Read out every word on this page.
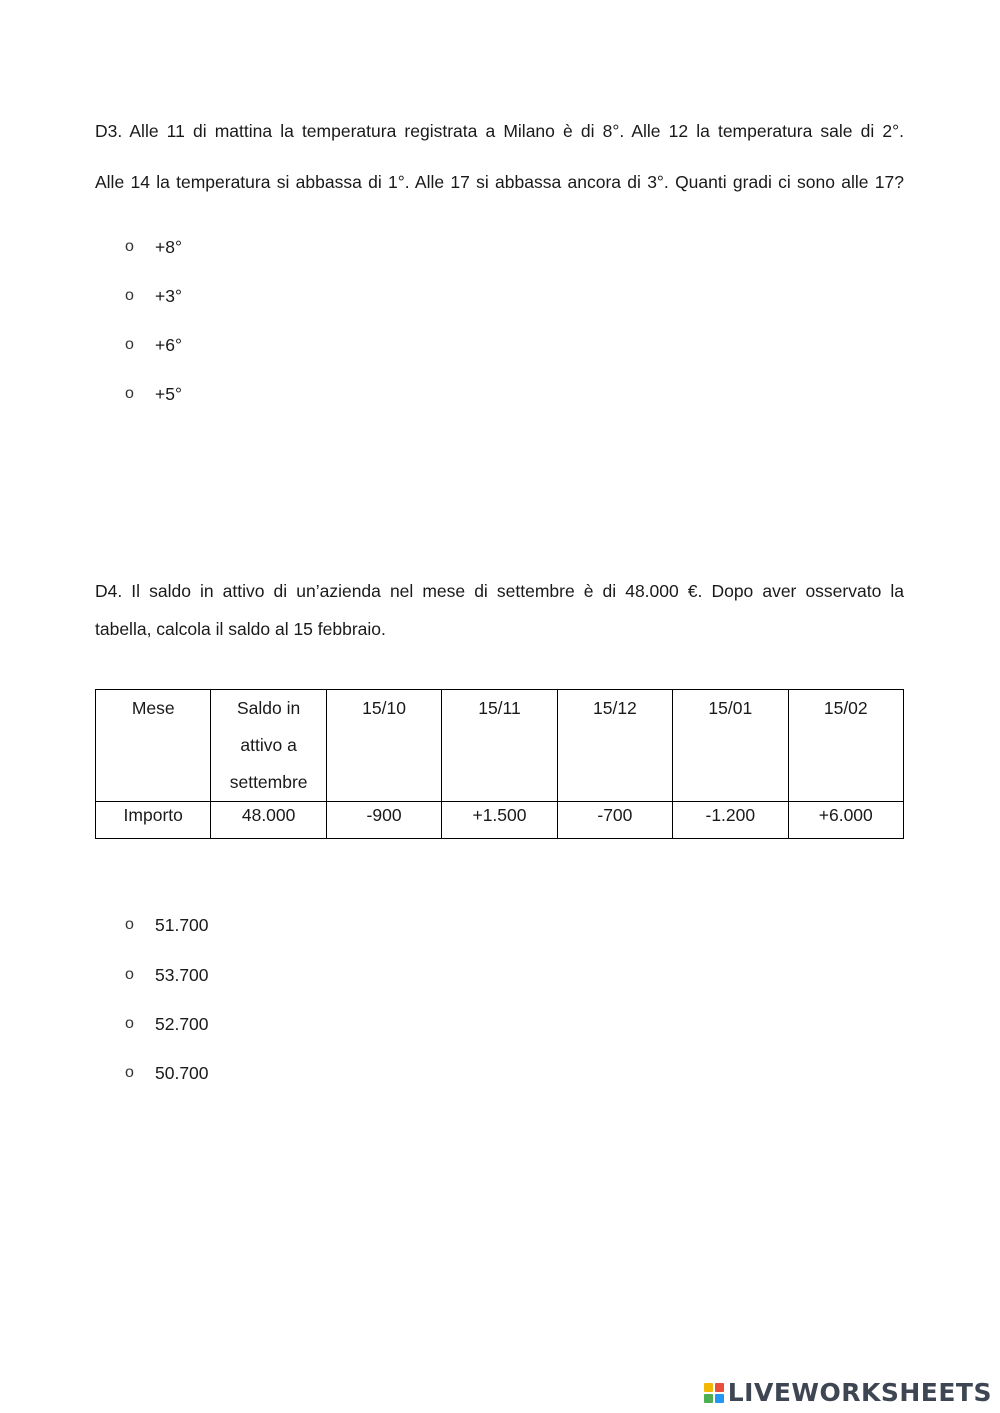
D3. Alle 11 di mattina la temperatura registrata a Milano è di 8°. Alle 12 la temperatura sale di 2°.
Alle 14 la temperatura si abbassa di 1°. Alle 17 si abbassa ancora di 3°. Quanti gradi ci sono alle 17?
o	+8°
o	+3°
o	+6°
o	+5°
D4. Il saldo in attivo di un’azienda nel mese di settembre è di 48.000 €. Dopo aver osservato la
tabella, calcola il saldo al 15 febbraio.
Mese	Saldo in attivo a settembre	15/10	15/11	15/12	15/01	15/02

Importo	48.000	-900	+1.500	-700	-1.200	+6.000
o	51.700
o	53.700
o	52.700
o	50.700
LIVEWORKSHEETS
